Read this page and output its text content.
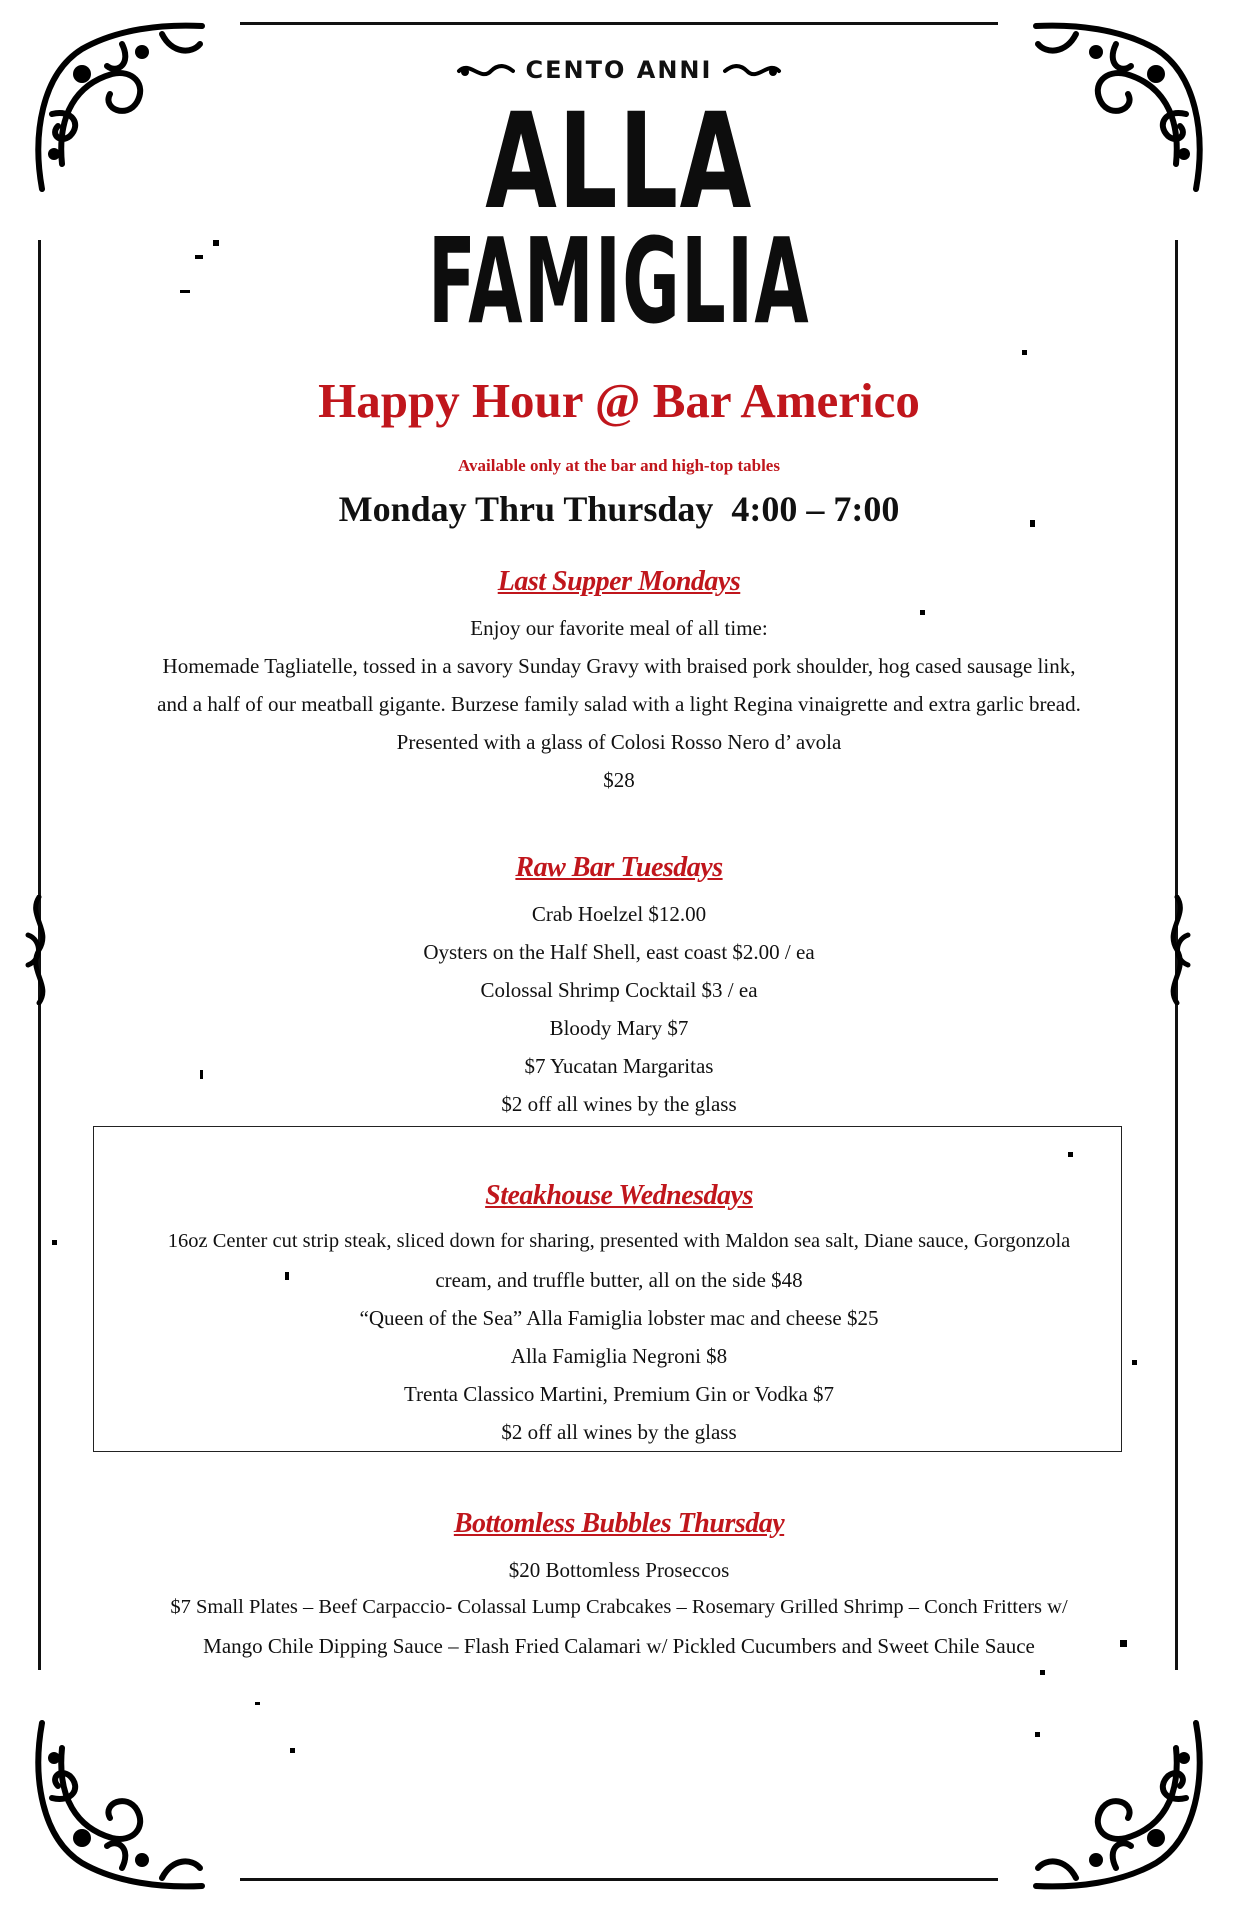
CENTO ANNI
ALLA
FAMIGLIA
Happy Hour @ Bar Americo
Available only at the bar and high-top tables
Monday Thru Thursday 4:00 – 7:00
Last Supper Mondays
Enjoy our favorite meal of all time:
Homemade Tagliatelle, tossed in a savory Sunday Gravy with braised pork shoulder, hog cased sausage link,
and a half of our meatball gigante. Burzese family salad with a light Regina vinaigrette and extra garlic bread.
Presented with a glass of Colosi Rosso Nero d’ avola
$28
Raw Bar Tuesdays
Crab Hoelzel $12.00
Oysters on the Half Shell, east coast $2.00 / ea
Colossal Shrimp Cocktail $3 / ea
Bloody Mary $7
$7 Yucatan Margaritas
$2 off all wines by the glass
Steakhouse Wednesdays
16oz Center cut strip steak, sliced down for sharing, presented with Maldon sea salt, Diane sauce, Gorgonzola
cream, and truffle butter, all on the side $48
“Queen of the Sea” Alla Famiglia lobster mac and cheese $25
Alla Famiglia Negroni $8
Trenta Classico Martini, Premium Gin or Vodka $7
$2 off all wines by the glass
Bottomless Bubbles Thursday
$20 Bottomless Proseccos
$7 Small Plates – Beef Carpaccio- Colassal Lump Crabcakes – Rosemary Grilled Shrimp – Conch Fritters w/
Mango Chile Dipping Sauce – Flash Fried Calamari w/ Pickled Cucumbers and Sweet Chile Sauce
